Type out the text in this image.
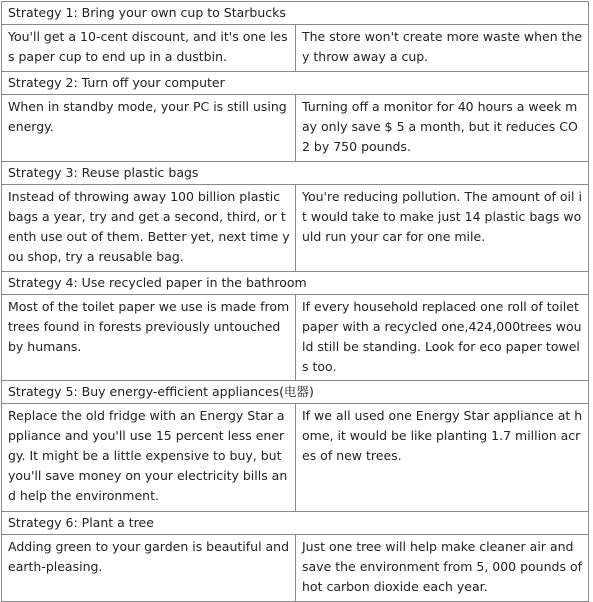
Strategy 1: Bring your own cup to Starbucks	
You'll get a 10-cent discount, and it's one less paper cup to end up in a dustbin.	The store won't create more waste when they throw away a cup.
Strategy 2: Turn off your computer	
When in standby mode, your PC is still using energy.	Turning off a monitor for 40 hours a week may only save $ 5 a month, but it reduces CO2 by 750 pounds.
Strategy 3: Reuse plastic bags	
Instead of throwing away 100 billion plastic bags a year, try and get a second, third, or tenth use out of them. Better yet, next time you shop, try a reusable bag.	You're reducing pollution. The amount of oil it would take to make just 14 plastic bags would run your car for one mile.
Strategy 4: Use recycled paper in the bathroom	
Most of the toilet paper we use is made from trees found in forests previously untouched by humans.	If every household replaced one roll of toilet paper with a recycled one,424,000trees would still be standing. Look for eco paper towels too.
Strategy 5: Buy energy-efficient appliances(电器)	
Replace the old fridge with an Energy Star appliance and you'll use 15 percent less energy. It might be a little expensive to buy, but you'll save money on your electricity bills and help the environment.	If we all used one Energy Star appliance at home, it would be like planting 1.7 million acres of new trees.
Strategy 6: Plant a tree	
Adding green to your garden is beautiful and earth-pleasing.	Just one tree will help make cleaner air and save the environment from 5, 000 pounds of hot carbon dioxide each year.
